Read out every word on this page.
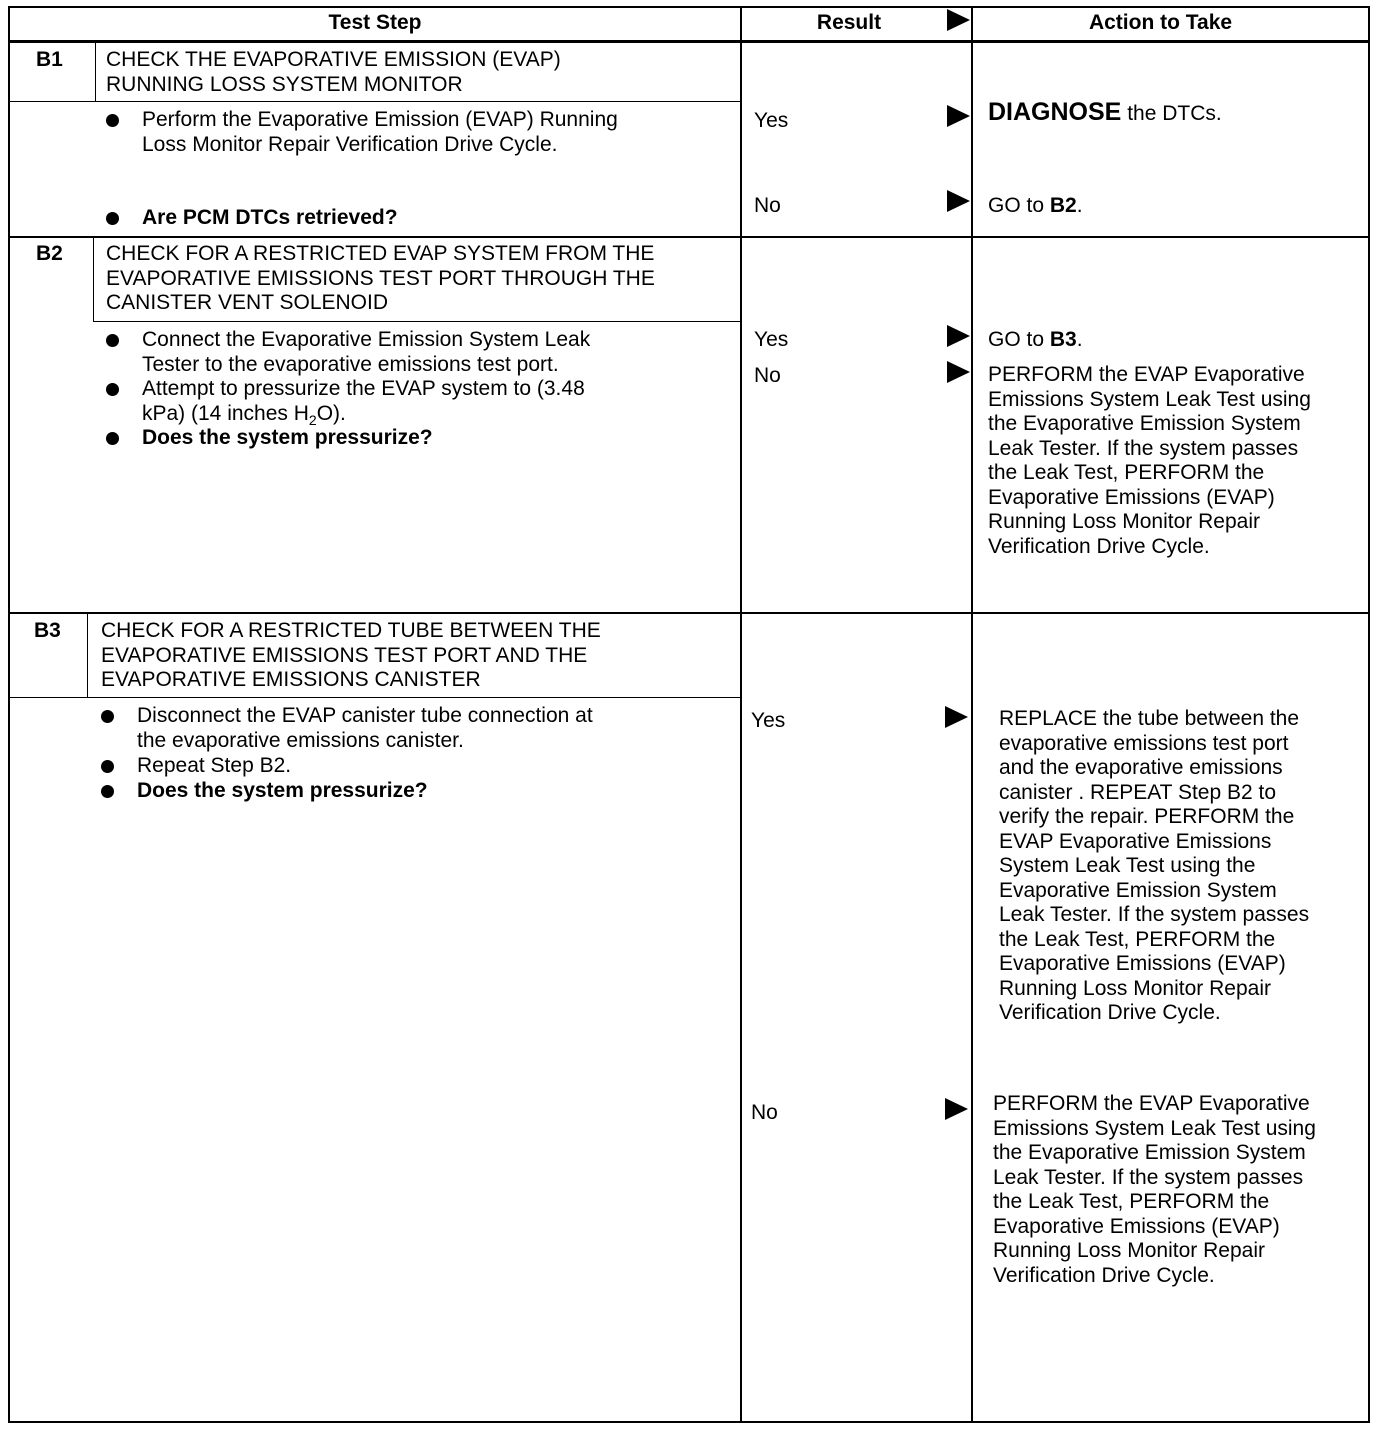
Test Step	Result	Action to Take
B1 CHECK THE EVAPORATIVE EMISSION (EVAP)
RUNNING LOSS SYSTEM MONITOR
Perform the Evaporative Emission (EVAP) Running
Loss Monitor Repair Verification Drive Cycle.
Are PCM DTCs retrieved?
Yes
No
DIAGNOSE the DTCs.
GO to B2.
B2 CHECK FOR A RESTRICTED EVAP SYSTEM FROM THE
EVAPORATIVE EMISSIONS TEST PORT THROUGH THE
CANISTER VENT SOLENOID
Connect the Evaporative Emission System Leak
Tester to the evaporative emissions test port.
Attempt to pressurize the EVAP system to (3.48
kPa) (14 inches $H_2O$).
Does the system pressurize?
Yes
No
GO to B3.
PERFORM the EVAP Evaporative
Emissions System Leak Test using
the Evaporative Emission System
Leak Tester. If the system passes
the Leak Test, PERFORM the
Evaporative Emissions (EVAP)
Running Loss Monitor Repair
Verification Drive Cycle.
B3 CHECK FOR A RESTRICTED TUBE BETWEEN THE
EVAPORATIVE EMISSIONS TEST PORT AND THE
EVAPORATIVE EMISSIONS CANISTER
Disconnect the EVAP canister tube connection at
the evaporative emissions canister.
Repeat Step B2.
Does the system pressurize?
Yes
No
REPLACE the tube between the
evaporative emissions test port
and the evaporative emissions
canister . REPEAT Step B2 to
verify the repair. PERFORM the
EVAP Evaporative Emissions
System Leak Test using the
Evaporative Emission System
Leak Tester. If the system passes
the Leak Test, PERFORM the
Evaporative Emissions (EVAP)
Running Loss Monitor Repair
Verification Drive Cycle.
PERFORM the EVAP Evaporative
Emissions System Leak Test using
the Evaporative Emission System
Leak Tester. If the system passes
the Leak Test, PERFORM the
Evaporative Emissions (EVAP)
Running Loss Monitor Repair
Verification Drive Cycle.
